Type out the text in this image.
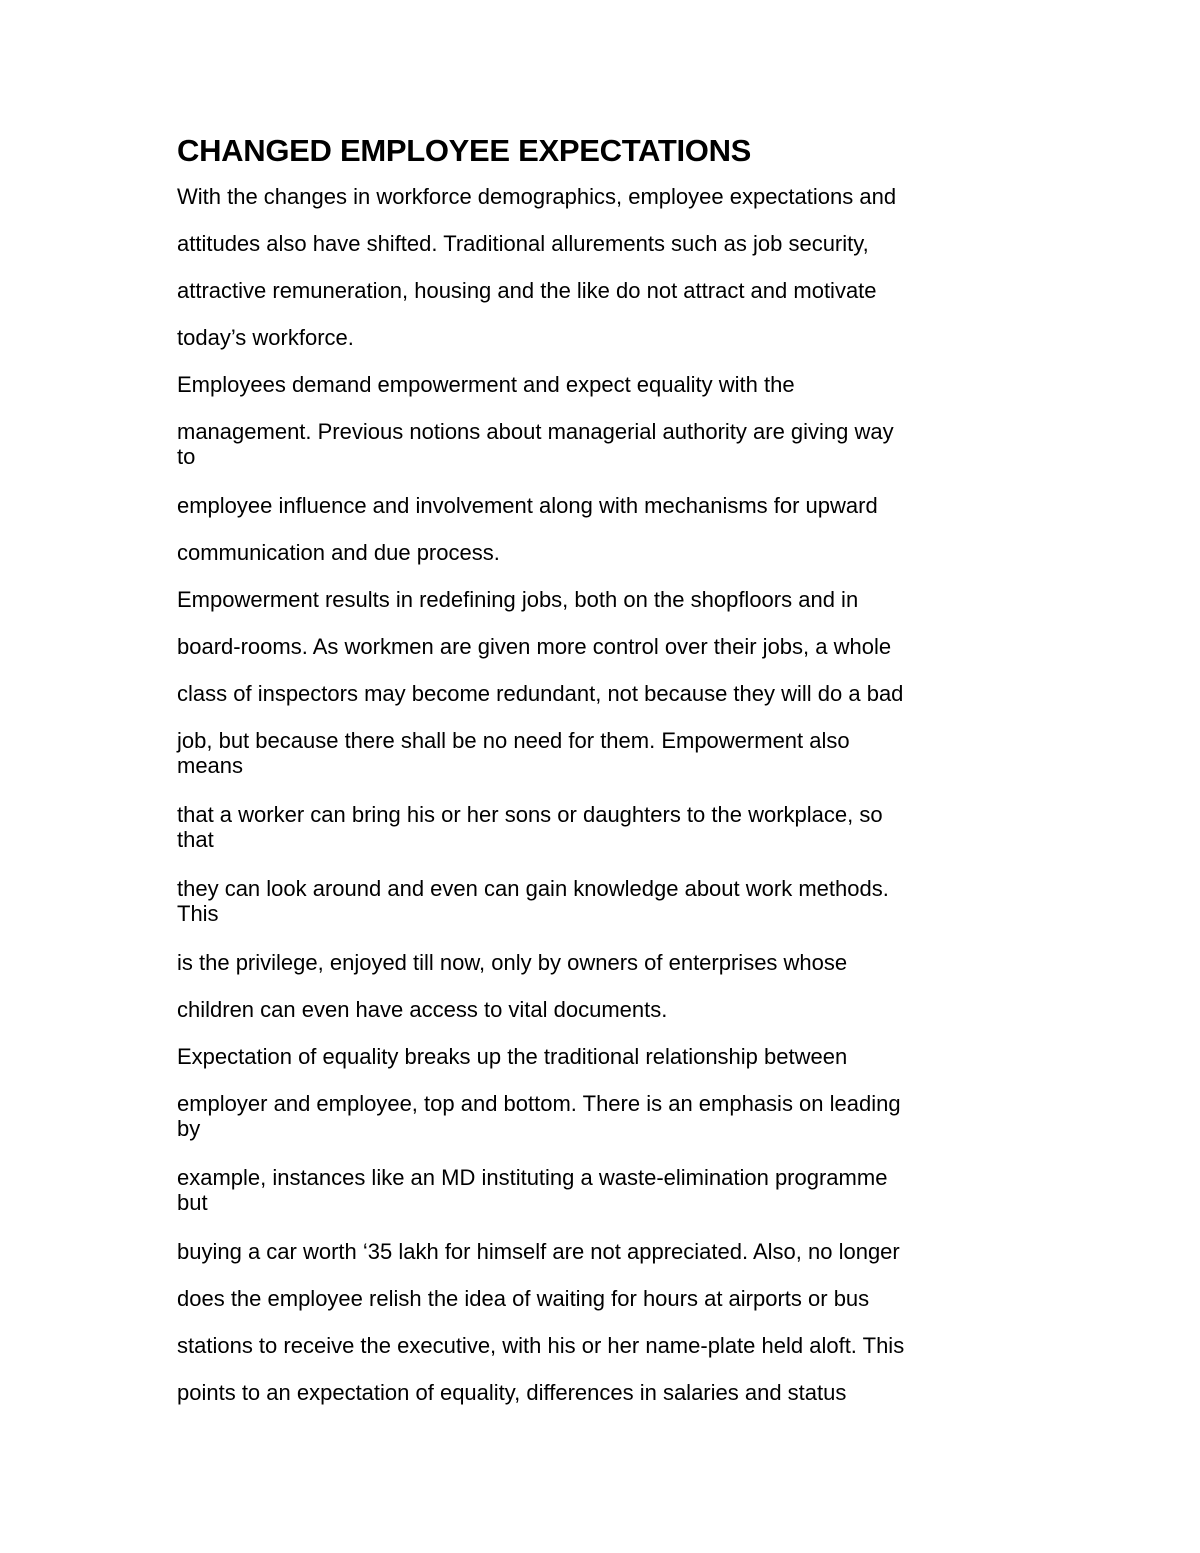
CHANGED EMPLOYEE EXPECTATIONS
With the changes in workforce demographics, employee expectations and
attitudes also have shifted. Traditional allurements such as job security,
attractive remuneration, housing and the like do not attract and motivate
today’s workforce.
Employees demand empowerment and expect equality with the
management. Previous notions about managerial authority are giving way
to
employee influence and involvement along with mechanisms for upward
communication and due process.
Empowerment results in redefining jobs, both on the shopfloors and in
board-rooms. As workmen are given more control over their jobs, a whole
class of inspectors may become redundant, not because they will do a bad
job, but because there shall be no need for them. Empowerment also
means
that a worker can bring his or her sons or daughters to the workplace, so
that
they can look around and even can gain knowledge about work methods.
This
is the privilege, enjoyed till now, only by owners of enterprises whose
children can even have access to vital documents.
Expectation of equality breaks up the traditional relationship between
employer and employee, top and bottom. There is an emphasis on leading
by
example, instances like an MD instituting a waste-elimination programme
but
buying a car worth ‘35 lakh for himself are not appreciated. Also, no longer
does the employee relish the idea of waiting for hours at airports or bus
stations to receive the executive, with his or her name-plate held aloft. This
points to an expectation of equality, differences in salaries and status
